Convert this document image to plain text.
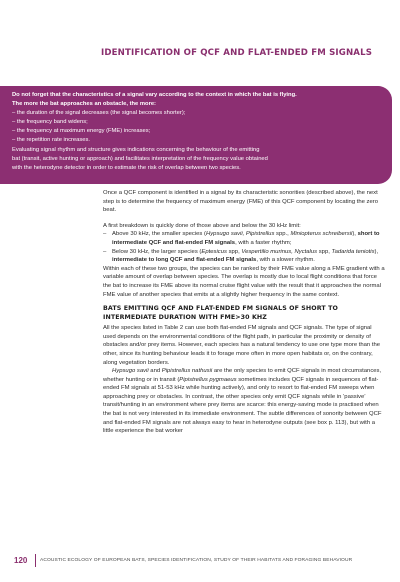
IDENTIFICATION OF QCF AND FLAT-ENDED FM SIGNALS
Do not forget that the characteristics of a signal vary according to the context in which the bat is flying.
The more the bat approaches an obstacle, the more:
– the duration of the signal decreases (the signal becomes shorter);
– the frequency band widens;
– the frequency at maximum energy (FME) increases;
– the repetition rate increases.
Evaluating signal rhythm and structure gives indications concerning the behaviour of the emitting
bat (transit, active hunting or approach) and facilitates interpretation of the frequency value obtained
with the heterodyne detector in order to estimate the risk of overlap between two species.

Once a QCF component is identified in a signal by its characteristic sonorities (described above), the next step is to determine the frequency of maximum energy (FME) of this QCF component by locating the zero beat.

A first breakdown is quickly done of those above and below the 30 kHz limit:

– Above 30 kHz, the smaller species (Hypsugo savii, Pipistrellus spp., Miniopterus schreibersii), short to intermediate QCF and flat-ended FM signals, with a faster rhythm;
– Below 30 kHz, the larger species (Eptesicus spp, Vespertilio murinus, Nyctalus spp, Tadarida teniotis), intermediate to long QCF and flat-ended FM signals, with a slower rhythm.

Within each of these two groups, the species can be ranked by their FME value along a FME gradient with a variable amount of overlap between species. The overlap is mostly due to local flight conditions that force the bat to increase its FME above its normal cruise flight value with the result that it approaches the normal FME value of another species that emits at a slightly higher frequency in the same context.

BATS EMITTING QCF AND FLAT-ENDED FM SIGNALS OF SHORT TO INTERMEDIATE DURATION WITH FME>30 KHZ

All the species listed in Table 2 can use both flat-ended FM signals and QCF signals. The type of signal used depends on the environmental conditions of the flight path, in particular the proximity or density of obstacles and/or prey items. However, each species has a natural tendency to use one type more than the other, since its hunting behaviour leads it to forage more often in more open habitats or, on the contrary, along vegetation borders.

Hypsugo savii and Pipistrellus nathusii are the only species to emit QCF signals in most circumstances, whether hunting or in transit (Pipistrellus pygmaeus sometimes includes QCF signals in sequences of flat-ended FM signals at 51-53 kHz while hunting actively), and only to resort to flat-ended FM sweeps when approaching prey or obstacles. In contrast, the other species only emit QCF signals while in ‘passive’ transit/hunting in an environment where prey items are scarce: this energy-saving mode is practised when the bat is not very interested in its immediate environment. The subtle differences of sonority between QCF and flat-ended FM signals are not always easy to hear in heterodyne outputs (see box p. 113), but with a little experience the bat worker

120	ACOUSTIC ECOLOGY OF EUROPEAN BATS, SPECIES IDENTIFICATION, STUDY OF THEIR HABITATS AND FORAGING BEHAVIOUR
